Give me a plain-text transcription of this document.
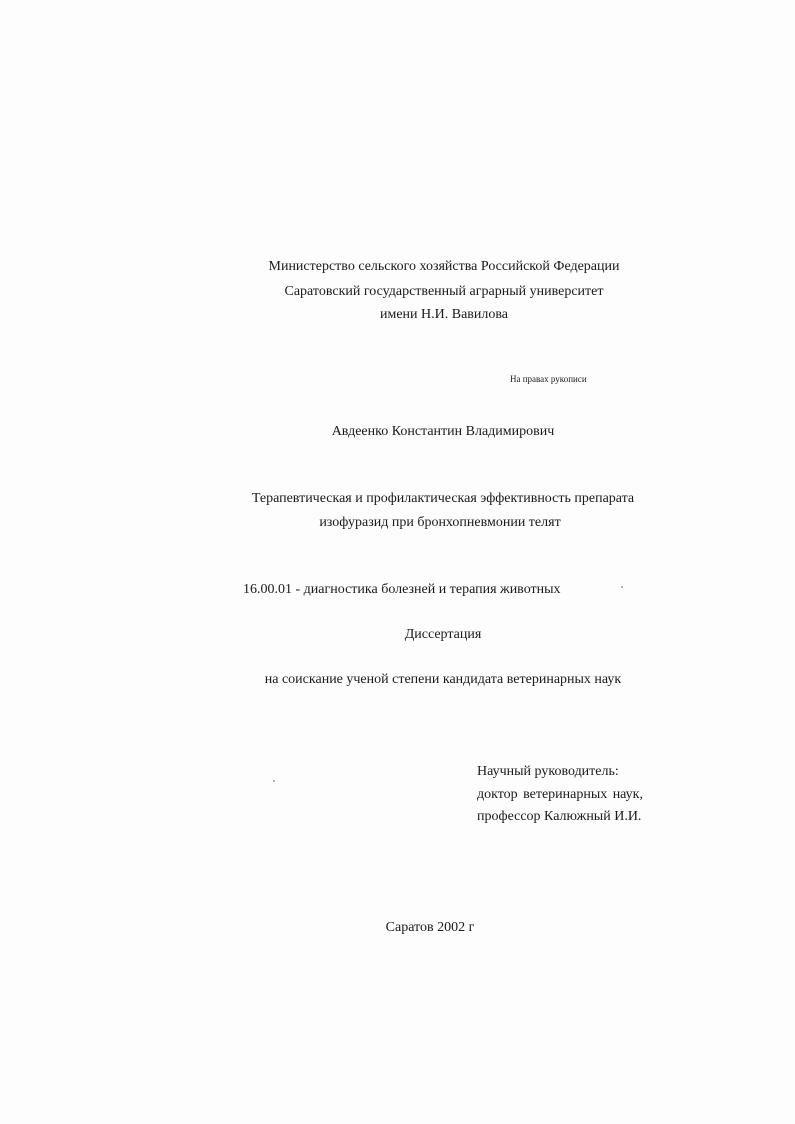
Министерство сельского хозяйства Российской Федерации
Саратовский государственный аграрный университет
имени Н.И. Вавилова
На правах рукописи
Авдеенко Константин Владимирович
Терапевтическая и профилактическая эффективность препарата
изофуразид при бронхопневмонии телят
16.00.01 - диагностика болезней и терапия животных
Диссертация
на соискание ученой степени кандидата ветеринарных наук
Научный руководитель:
доктор ветеринарных наук,
профессор Калюжный И.И.
Саратов 2002 г
